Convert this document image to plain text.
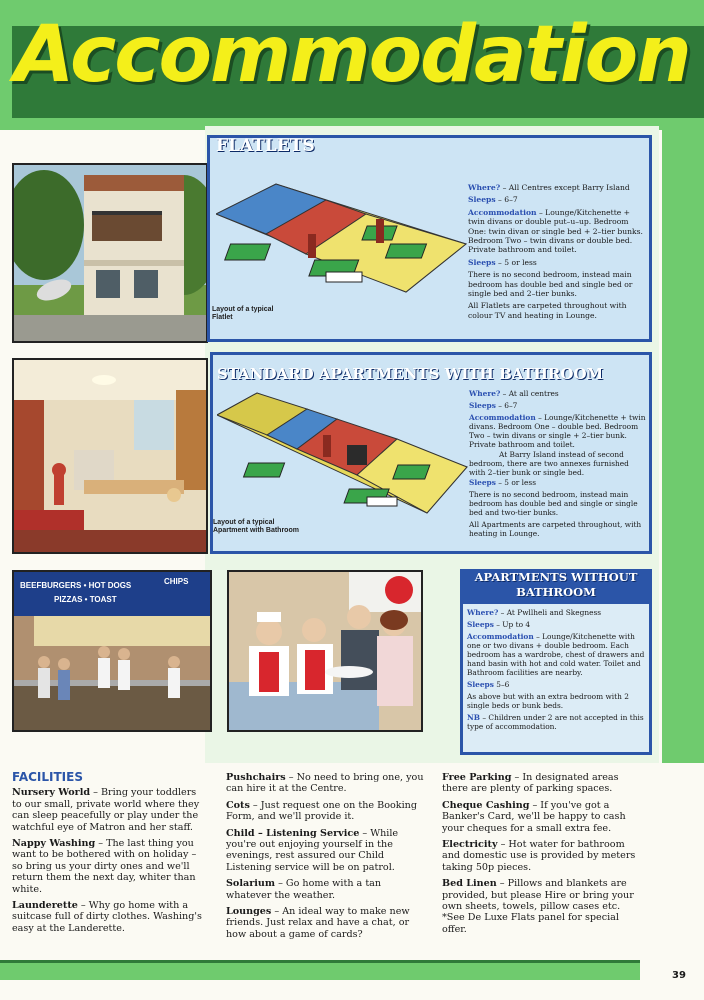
Accommodation
BEEFBURGERS • HOT DOGS
PIZZAS • TOAST
CHIPS
FLATLETS
Layout of a typical
Flatlet

Where? – All Centres except Barry Island

Sleeps – 6–7

Accommodation – Lounge/Kitchenette + twin divans or double put–u–up. Bedroom One: twin divan or single bed + 2–tier bunks. Bedroom Two – twin divans or double bed. Private bathroom and toilet.

Sleeps – 5 or less

There is no second bedroom, instead main bedroom has double bed and single bed or single bed and 2–tier bunks.

All Flatlets are carpeted throughout with colour TV and heating in Lounge.

STANDARD APARTMENTS WITH BATHROOM
Layout of a typical
Apartment with Bathroom

Where? – At all centres

Sleeps – 6–7

Accommodation – Lounge/Kitchenette + twin divans. Bedroom One – double bed. Bedroom Two – twin divans or single + 2–tier bunk. Private bathroom and toilet.

At Barry Island instead of second bedroom, there are two annexes furnished with 2–tier bunk or single bed.

Sleeps – 5 or less

There is no second bedroom, instead main bedroom has double bed and single or single bed and two-tier bunks.

All Apartments are carpeted throughout, with heating in Lounge.

APARTMENTS WITHOUT
BATHROOM

Where? – At Pwllheli and Skegness

Sleeps – Up to 4

Accommodation – Lounge/Kitchenette with one or two divans + double bedroom. Each bedroom has a wardrobe, chest of drawers and hand basin with hot and cold water. Toilet and Bathroom facilities are nearby.

Sleeps 5–6

As above but with an extra bedroom with 2 single beds or bunk beds.

NB – Children under 2 are not accepted in this type of accommodation.

FACILITIES

Nursery World – Bring your toddlers to our small, private world where they can sleep peacefully or play under the watchful eye of Matron and her staff.

Nappy Washing – The last thing you want to be bothered with on holiday – so bring us your dirty ones and we'll return them the next day, whiter than white.

Launderette – Why go home with a suitcase full of dirty clothes. Washing's easy at the Landerette.

Pushchairs – No need to bring one, you can hire it at the Centre.

Cots – Just request one on the Booking Form, and we'll provide it.

Child – Listening Service – While you're out enjoying yourself in the evenings, rest assured our Child Listening service will be on patrol.

Solarium – Go home with a tan whatever the weather.

Lounges – An ideal way to make new friends. Just relax and have a chat, or how about a game of cards?

Free Parking – In designated areas there are plenty of parking spaces.

Cheque Cashing – If you've got a Banker's Card, we'll be happy to cash your cheques for a small extra fee.

Electricity – Hot water for bathroom and domestic use is provided by meters taking 50p pieces.

Bed Linen – Pillows and blankets are provided, but please Hire or bring your own sheets, towels, pillow cases etc. *See De Luxe Flats panel for special offer.

39
